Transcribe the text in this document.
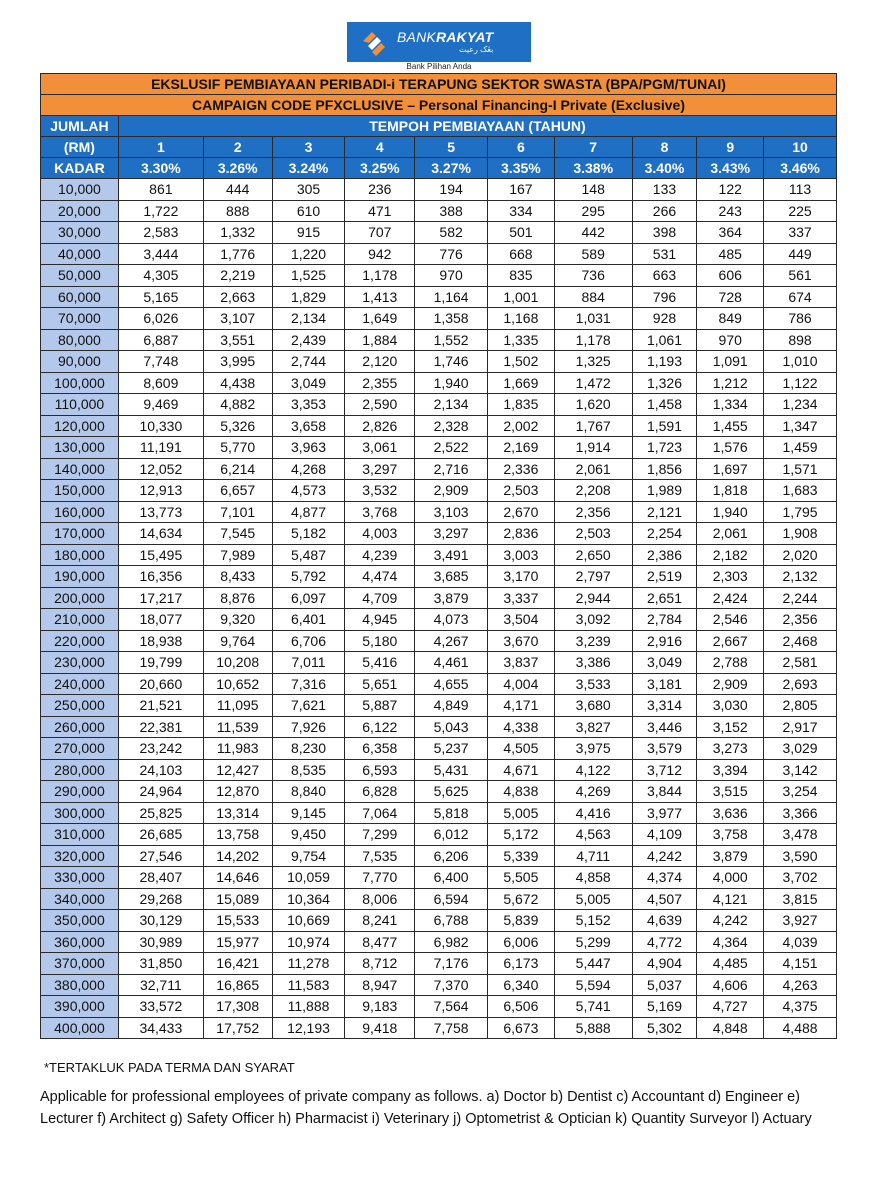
BANKRAKYAT
بڠک رعيت
Bank Pilihan Anda
EKSLUSIF PEMBIAYAAN PERIBADI-i TERAPUNG SEKTOR SWASTA (BPA/PGM/TUNAI)										
CAMPAIGN CODE PFXCLUSIVE – Personal Financing-I Private (Exclusive)										
JUMLAH	TEMPOH PEMBIAYAAN (TAHUN)									
(RM)	1	2	3	4	5	6	7	8	9	10
KADAR	3.30%	3.26%	3.24%	3.25%	3.27%	3.35%	3.38%	3.40%	3.43%	3.46%
10,000	861	444	305	236	194	167	148	133	122	113
20,000	1,722	888	610	471	388	334	295	266	243	225
30,000	2,583	1,332	915	707	582	501	442	398	364	337
40,000	3,444	1,776	1,220	942	776	668	589	531	485	449
50,000	4,305	2,219	1,525	1,178	970	835	736	663	606	561
60,000	5,165	2,663	1,829	1,413	1,164	1,001	884	796	728	674
70,000	6,026	3,107	2,134	1,649	1,358	1,168	1,031	928	849	786
80,000	6,887	3,551	2,439	1,884	1,552	1,335	1,178	1,061	970	898
90,000	7,748	3,995	2,744	2,120	1,746	1,502	1,325	1,193	1,091	1,010
100,000	8,609	4,438	3,049	2,355	1,940	1,669	1,472	1,326	1,212	1,122
110,000	9,469	4,882	3,353	2,590	2,134	1,835	1,620	1,458	1,334	1,234
120,000	10,330	5,326	3,658	2,826	2,328	2,002	1,767	1,591	1,455	1,347
130,000	11,191	5,770	3,963	3,061	2,522	2,169	1,914	1,723	1,576	1,459
140,000	12,052	6,214	4,268	3,297	2,716	2,336	2,061	1,856	1,697	1,571
150,000	12,913	6,657	4,573	3,532	2,909	2,503	2,208	1,989	1,818	1,683
160,000	13,773	7,101	4,877	3,768	3,103	2,670	2,356	2,121	1,940	1,795
170,000	14,634	7,545	5,182	4,003	3,297	2,836	2,503	2,254	2,061	1,908
180,000	15,495	7,989	5,487	4,239	3,491	3,003	2,650	2,386	2,182	2,020
190,000	16,356	8,433	5,792	4,474	3,685	3,170	2,797	2,519	2,303	2,132
200,000	17,217	8,876	6,097	4,709	3,879	3,337	2,944	2,651	2,424	2,244
210,000	18,077	9,320	6,401	4,945	4,073	3,504	3,092	2,784	2,546	2,356
220,000	18,938	9,764	6,706	5,180	4,267	3,670	3,239	2,916	2,667	2,468
230,000	19,799	10,208	7,011	5,416	4,461	3,837	3,386	3,049	2,788	2,581
240,000	20,660	10,652	7,316	5,651	4,655	4,004	3,533	3,181	2,909	2,693
250,000	21,521	11,095	7,621	5,887	4,849	4,171	3,680	3,314	3,030	2,805
260,000	22,381	11,539	7,926	6,122	5,043	4,338	3,827	3,446	3,152	2,917
270,000	23,242	11,983	8,230	6,358	5,237	4,505	3,975	3,579	3,273	3,029
280,000	24,103	12,427	8,535	6,593	5,431	4,671	4,122	3,712	3,394	3,142
290,000	24,964	12,870	8,840	6,828	5,625	4,838	4,269	3,844	3,515	3,254
300,000	25,825	13,314	9,145	7,064	5,818	5,005	4,416	3,977	3,636	3,366
310,000	26,685	13,758	9,450	7,299	6,012	5,172	4,563	4,109	3,758	3,478
320,000	27,546	14,202	9,754	7,535	6,206	5,339	4,711	4,242	3,879	3,590
330,000	28,407	14,646	10,059	7,770	6,400	5,505	4,858	4,374	4,000	3,702
340,000	29,268	15,089	10,364	8,006	6,594	5,672	5,005	4,507	4,121	3,815
350,000	30,129	15,533	10,669	8,241	6,788	5,839	5,152	4,639	4,242	3,927
360,000	30,989	15,977	10,974	8,477	6,982	6,006	5,299	4,772	4,364	4,039
370,000	31,850	16,421	11,278	8,712	7,176	6,173	5,447	4,904	4,485	4,151
380,000	32,711	16,865	11,583	8,947	7,370	6,340	5,594	5,037	4,606	4,263
390,000	33,572	17,308	11,888	9,183	7,564	6,506	5,741	5,169	4,727	4,375
400,000	34,433	17,752	12,193	9,418	7,758	6,673	5,888	5,302	4,848	4,488
*TERTAKLUK PADA TERMA DAN SYARAT
Applicable for professional employees of private company as follows. a) Doctor b) Dentist c) Accountant d) Engineer e) Lecturer f) Architect g) Safety Officer h) Pharmacist i) Veterinary j) Optometrist & Optician k) Quantity Surveyor l) Actuary
